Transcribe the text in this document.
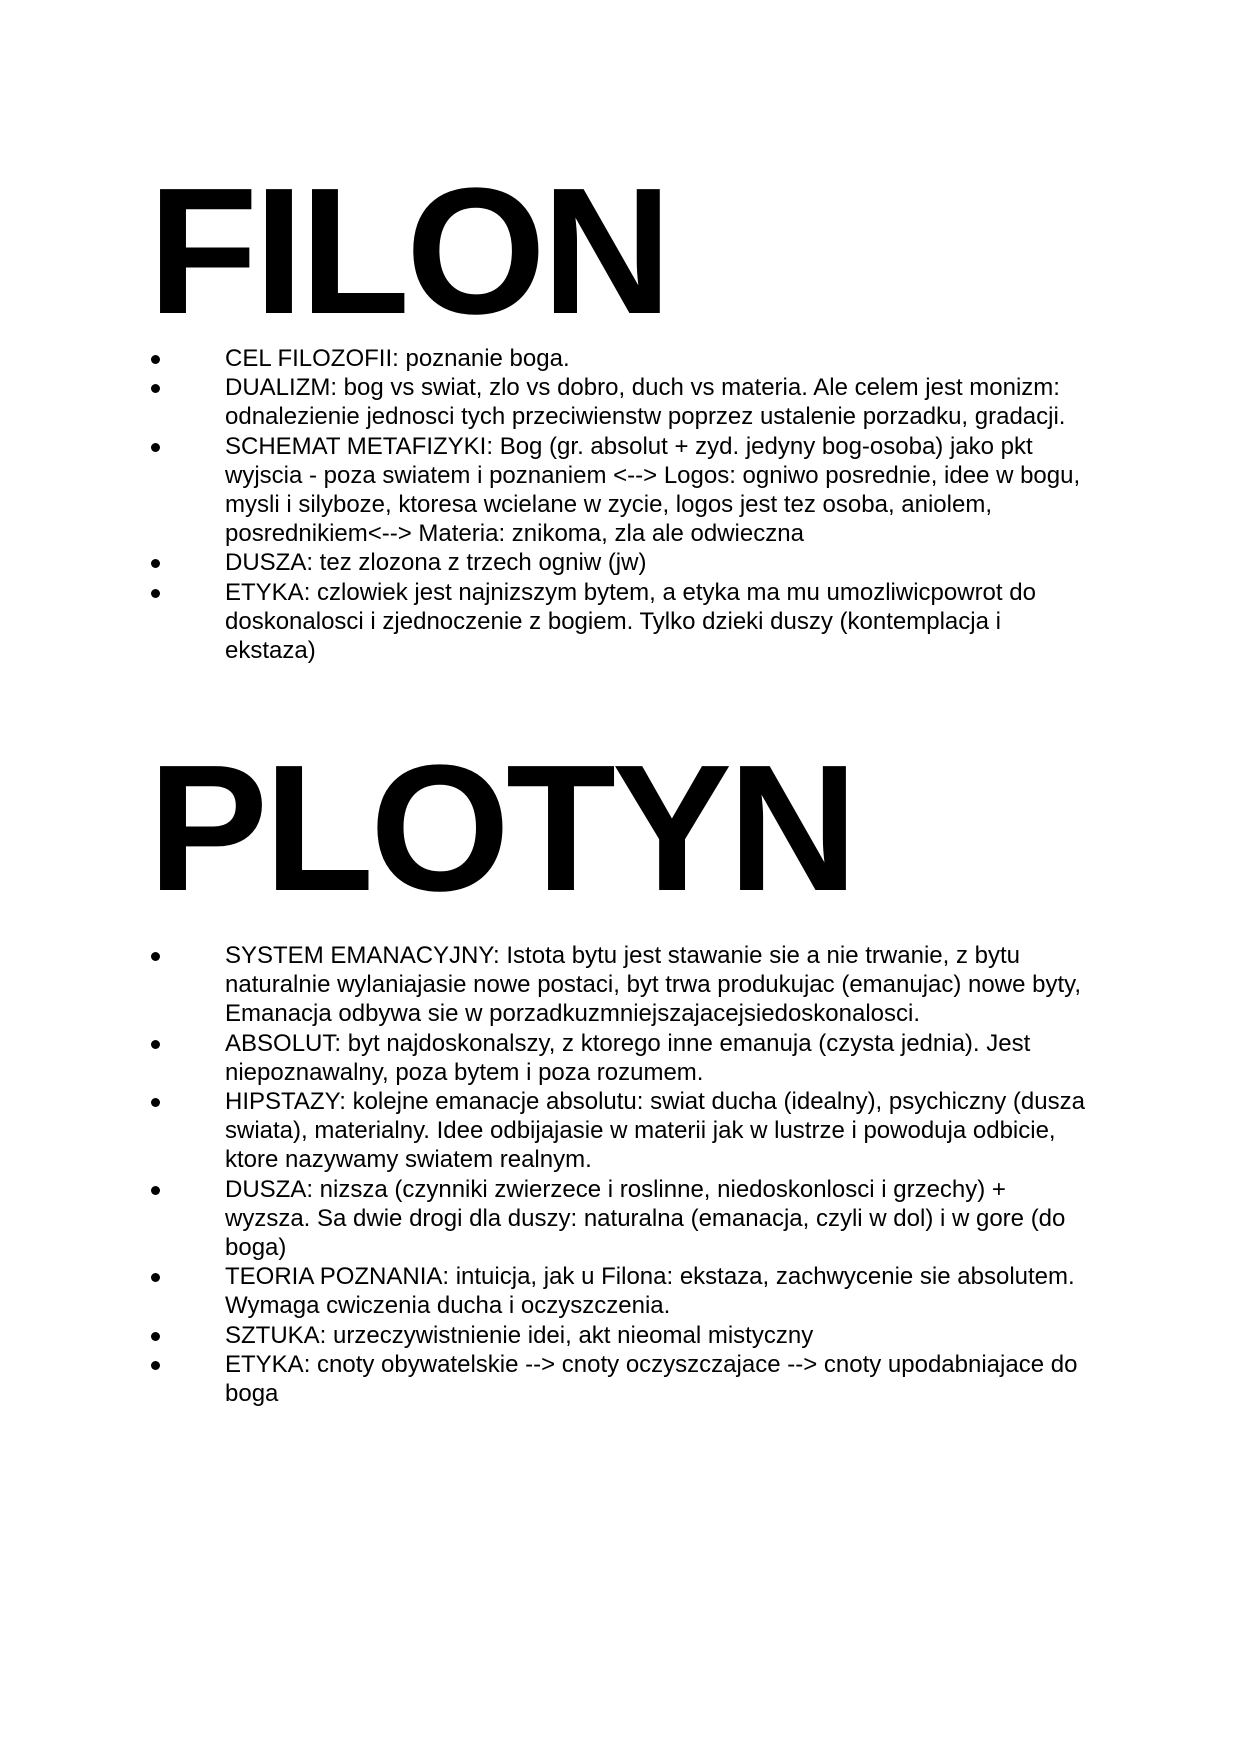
FILON
CEL FILOZOFII: poznanie boga.
DUALIZM: bog vs swiat, zlo vs dobro, duch vs materia. Ale celem jest monizm: odnalezienie jednosci tych przeciwienstw poprzez ustalenie porzadku, gradacji.
SCHEMAT METAFIZYKI: Bog (gr. absolut + zyd. jedyny bog-osoba) jako pkt wyjscia - poza swiatem i poznaniem <--> Logos: ogniwo posrednie, idee w bogu, mysli i silyboze, ktoresa wcielane w zycie, logos jest tez osoba, aniolem, posrednikiem<--> Materia: znikoma, zla ale odwieczna
DUSZA: tez zlozona z trzech ogniw (jw)
ETYKA: czlowiek jest najnizszym bytem, a etyka ma mu umozliwicpowrot do doskonalosci i zjednoczenie z bogiem. Tylko dzieki duszy (kontemplacja i ekstaza)
PLOTYN
SYSTEM EMANACYJNY: Istota bytu jest stawanie sie a nie trwanie, z bytu naturalnie wylaniajasie nowe postaci, byt trwa produkujac (emanujac) nowe byty, Emanacja odbywa sie w porzadkuzmniejszajacejsiedoskonalosci.
ABSOLUT: byt najdoskonalszy, z ktorego inne emanuja (czysta jednia). Jest niepoznawalny, poza bytem i poza rozumem.
HIPSTAZY: kolejne emanacje absolutu: swiat ducha (idealny), psychiczny (dusza swiata), materialny. Idee odbijajasie w materii jak w lustrze i powoduja odbicie, ktore nazywamy swiatem realnym.
DUSZA: nizsza (czynniki zwierzece i roslinne, niedoskonlosci i grzechy) + wyzsza. Sa dwie drogi dla duszy: naturalna (emanacja, czyli w dol) i w gore (do boga)
TEORIA POZNANIA: intuicja, jak u Filona: ekstaza, zachwycenie sie absolutem. Wymaga cwiczenia ducha i oczyszczenia.
SZTUKA: urzeczywistnienie idei, akt nieomal mistyczny
ETYKA: cnoty obywatelskie --> cnoty oczyszczajace --> cnoty upodabniajace do boga
